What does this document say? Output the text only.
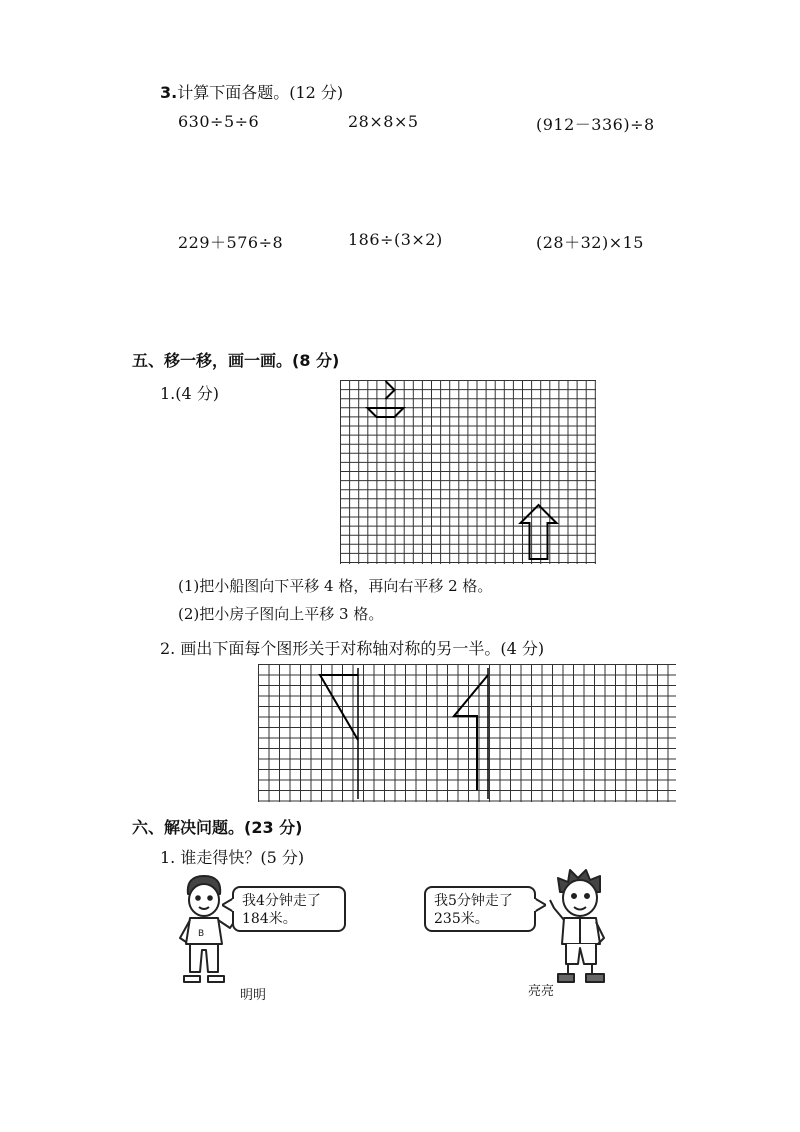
3.计算下面各题。(12 分)
630÷5÷6	28×8×5	(912－336)÷8
229＋576÷8	186÷(3×2)	(28＋32)×15
五、移一移，画一画。(8 分)
1.(4 分)
(1)把小船图向下平移 4 格，再向右平移 2 格。
(2)把小房子图向上平移 3 格。
2. 画出下面每个图形关于对称轴对称的另一半。(4 分)
六、解决问题。(23 分)
1. 谁走得快？(5 分)
B
我4分钟走了
184米。
明明
我5分钟走了
235米。
亮亮
